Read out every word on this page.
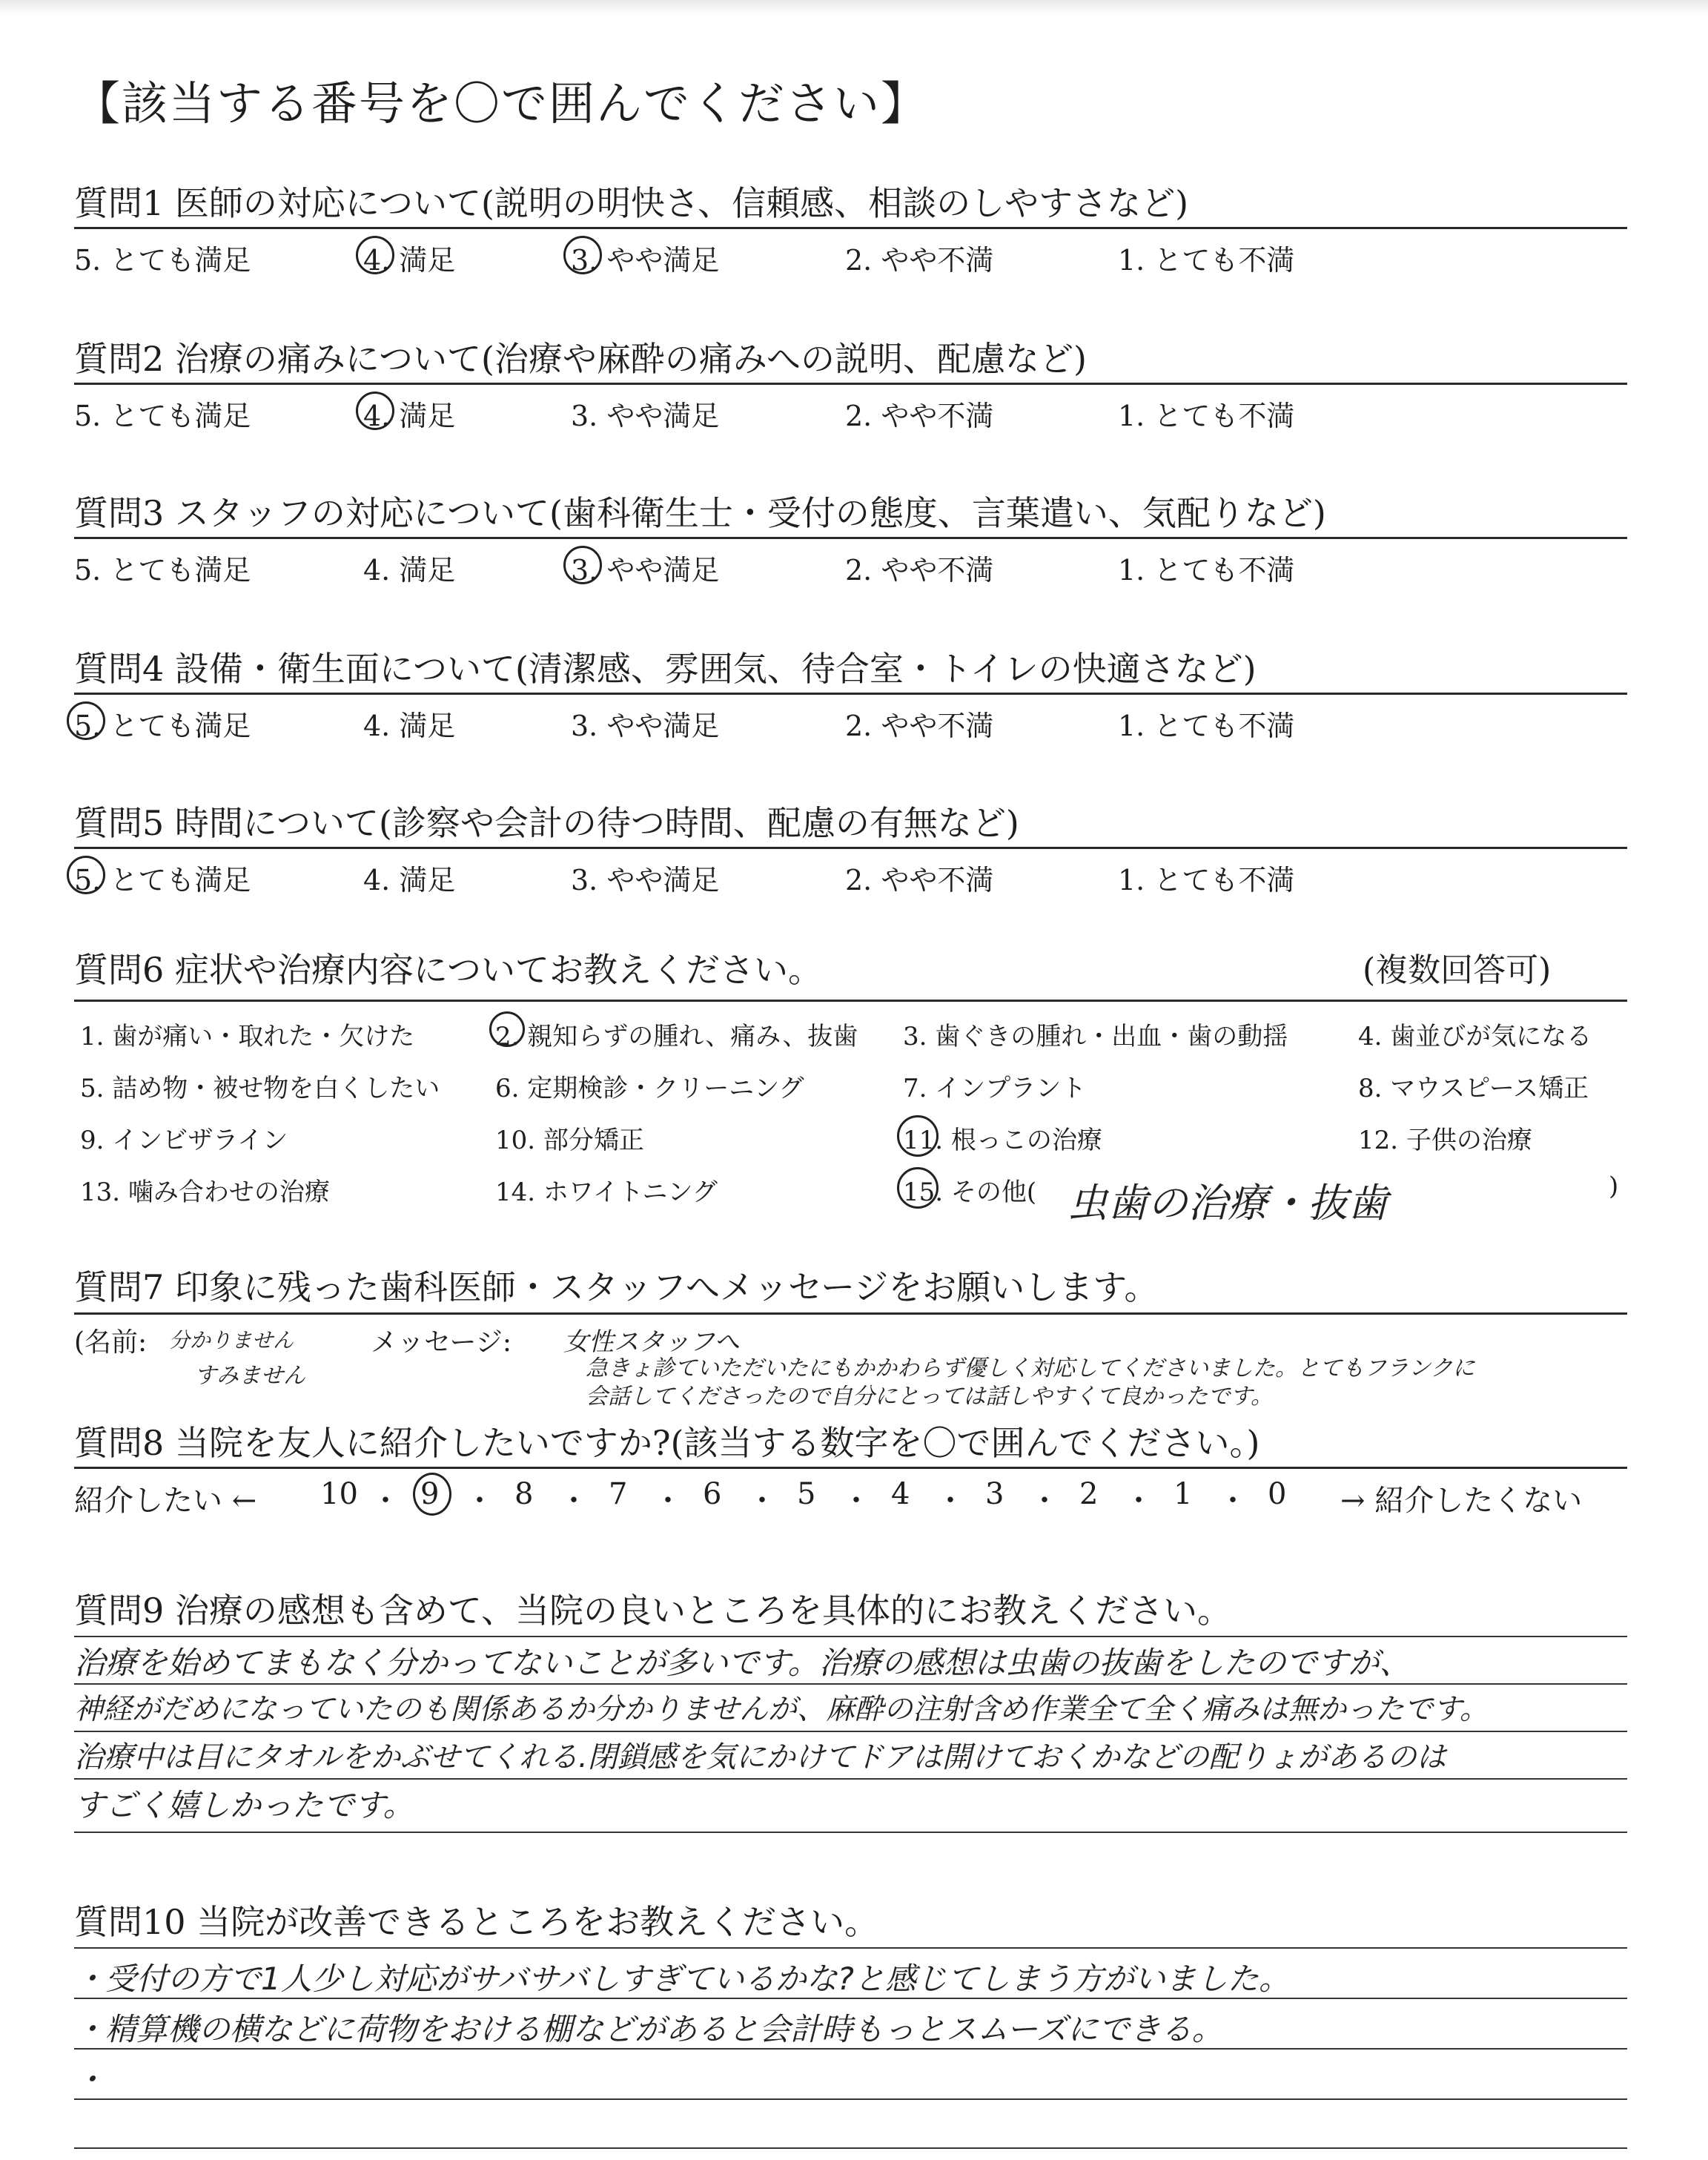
【該当する番号を〇で囲んでください】
質問1 医師の対応について(説明の明快さ、信頼感、相談のしやすさなど)
5. とても満足	4. 満足	3. やや満足	2. やや不満	1. とても不満
質問2 治療の痛みについて(治療や麻酔の痛みへの説明、配慮など)
5. とても満足	4. 満足	3. やや満足	2. やや不満	1. とても不満
質問3 スタッフの対応について(歯科衛生士・受付の態度、言葉遣い、気配りなど)
5. とても満足	4. 満足	3. やや満足	2. やや不満	1. とても不満
質問4 設備・衛生面について(清潔感、雰囲気、待合室・トイレの快適さなど)
5. とても満足	4. 満足	3. やや満足	2. やや不満	1. とても不満
質問5 時間について(診察や会計の待つ時間、配慮の有無など)
5. とても満足	4. 満足	3. やや満足	2. やや不満	1. とても不満
質問6 症状や治療内容についてお教えください。	(複数回答可)
1. 歯が痛い・取れた・欠けた	2. 親知らずの腫れ、痛み、抜歯 3. 歯ぐきの腫れ・出血・歯の動揺	4. 歯並びが気になる
5. 詰め物・被せ物を白くしたい 6. 定期検診・クリーニング	7. インプラント	8. マウスピース矯正
9. インビザライン	10. 部分矯正	11. 根っこの治療	12. 子供の治療
13. 噛み合わせの治療	14. ホワイトニング	15. その他(	)
虫歯の治療・抜歯
質問7 印象に残った歯科医師・スタッフへメッセージをお願いします。
(名前: 分かりません
すみません
メッセージ: 女性スタッフへ
急きょ診ていただいたにもかかわらず優しく対応してくださいました。とてもフランクに
会話してくださったので自分にとっては話しやすくて良かったです。
質問8 当院を友人に紹介したいですか?(該当する数字を〇で囲んでください。)
紹介したい ← 10 ・ 9 ・ 8 ・ 7 ・ 6 ・ 5 ・ 4 ・ 3 ・ 2 ・ 1 ・ 0 → 紹介したくない
質問9 治療の感想も含めて、当院の良いところを具体的にお教えください。
治療を始めてまもなく分かってないことが多いです。治療の感想は虫歯の抜歯をしたのですが、
神経がだめになっていたのも関係あるか分かりませんが、麻酔の注射含め作業全て全く痛みは無かったです。
治療中は目にタオルをかぶせてくれる.閉鎖感を気にかけてドアは開けておくかなどの配りょがあるのは
すごく嬉しかったです。
質問10 当院が改善できるところをお教えください。
・受付の方で1人少し対応がサバサバしすぎているかな?と感じてしまう方がいました。
・精算機の横などに荷物をおける棚などがあると会計時もっとスムーズにできる。
・
